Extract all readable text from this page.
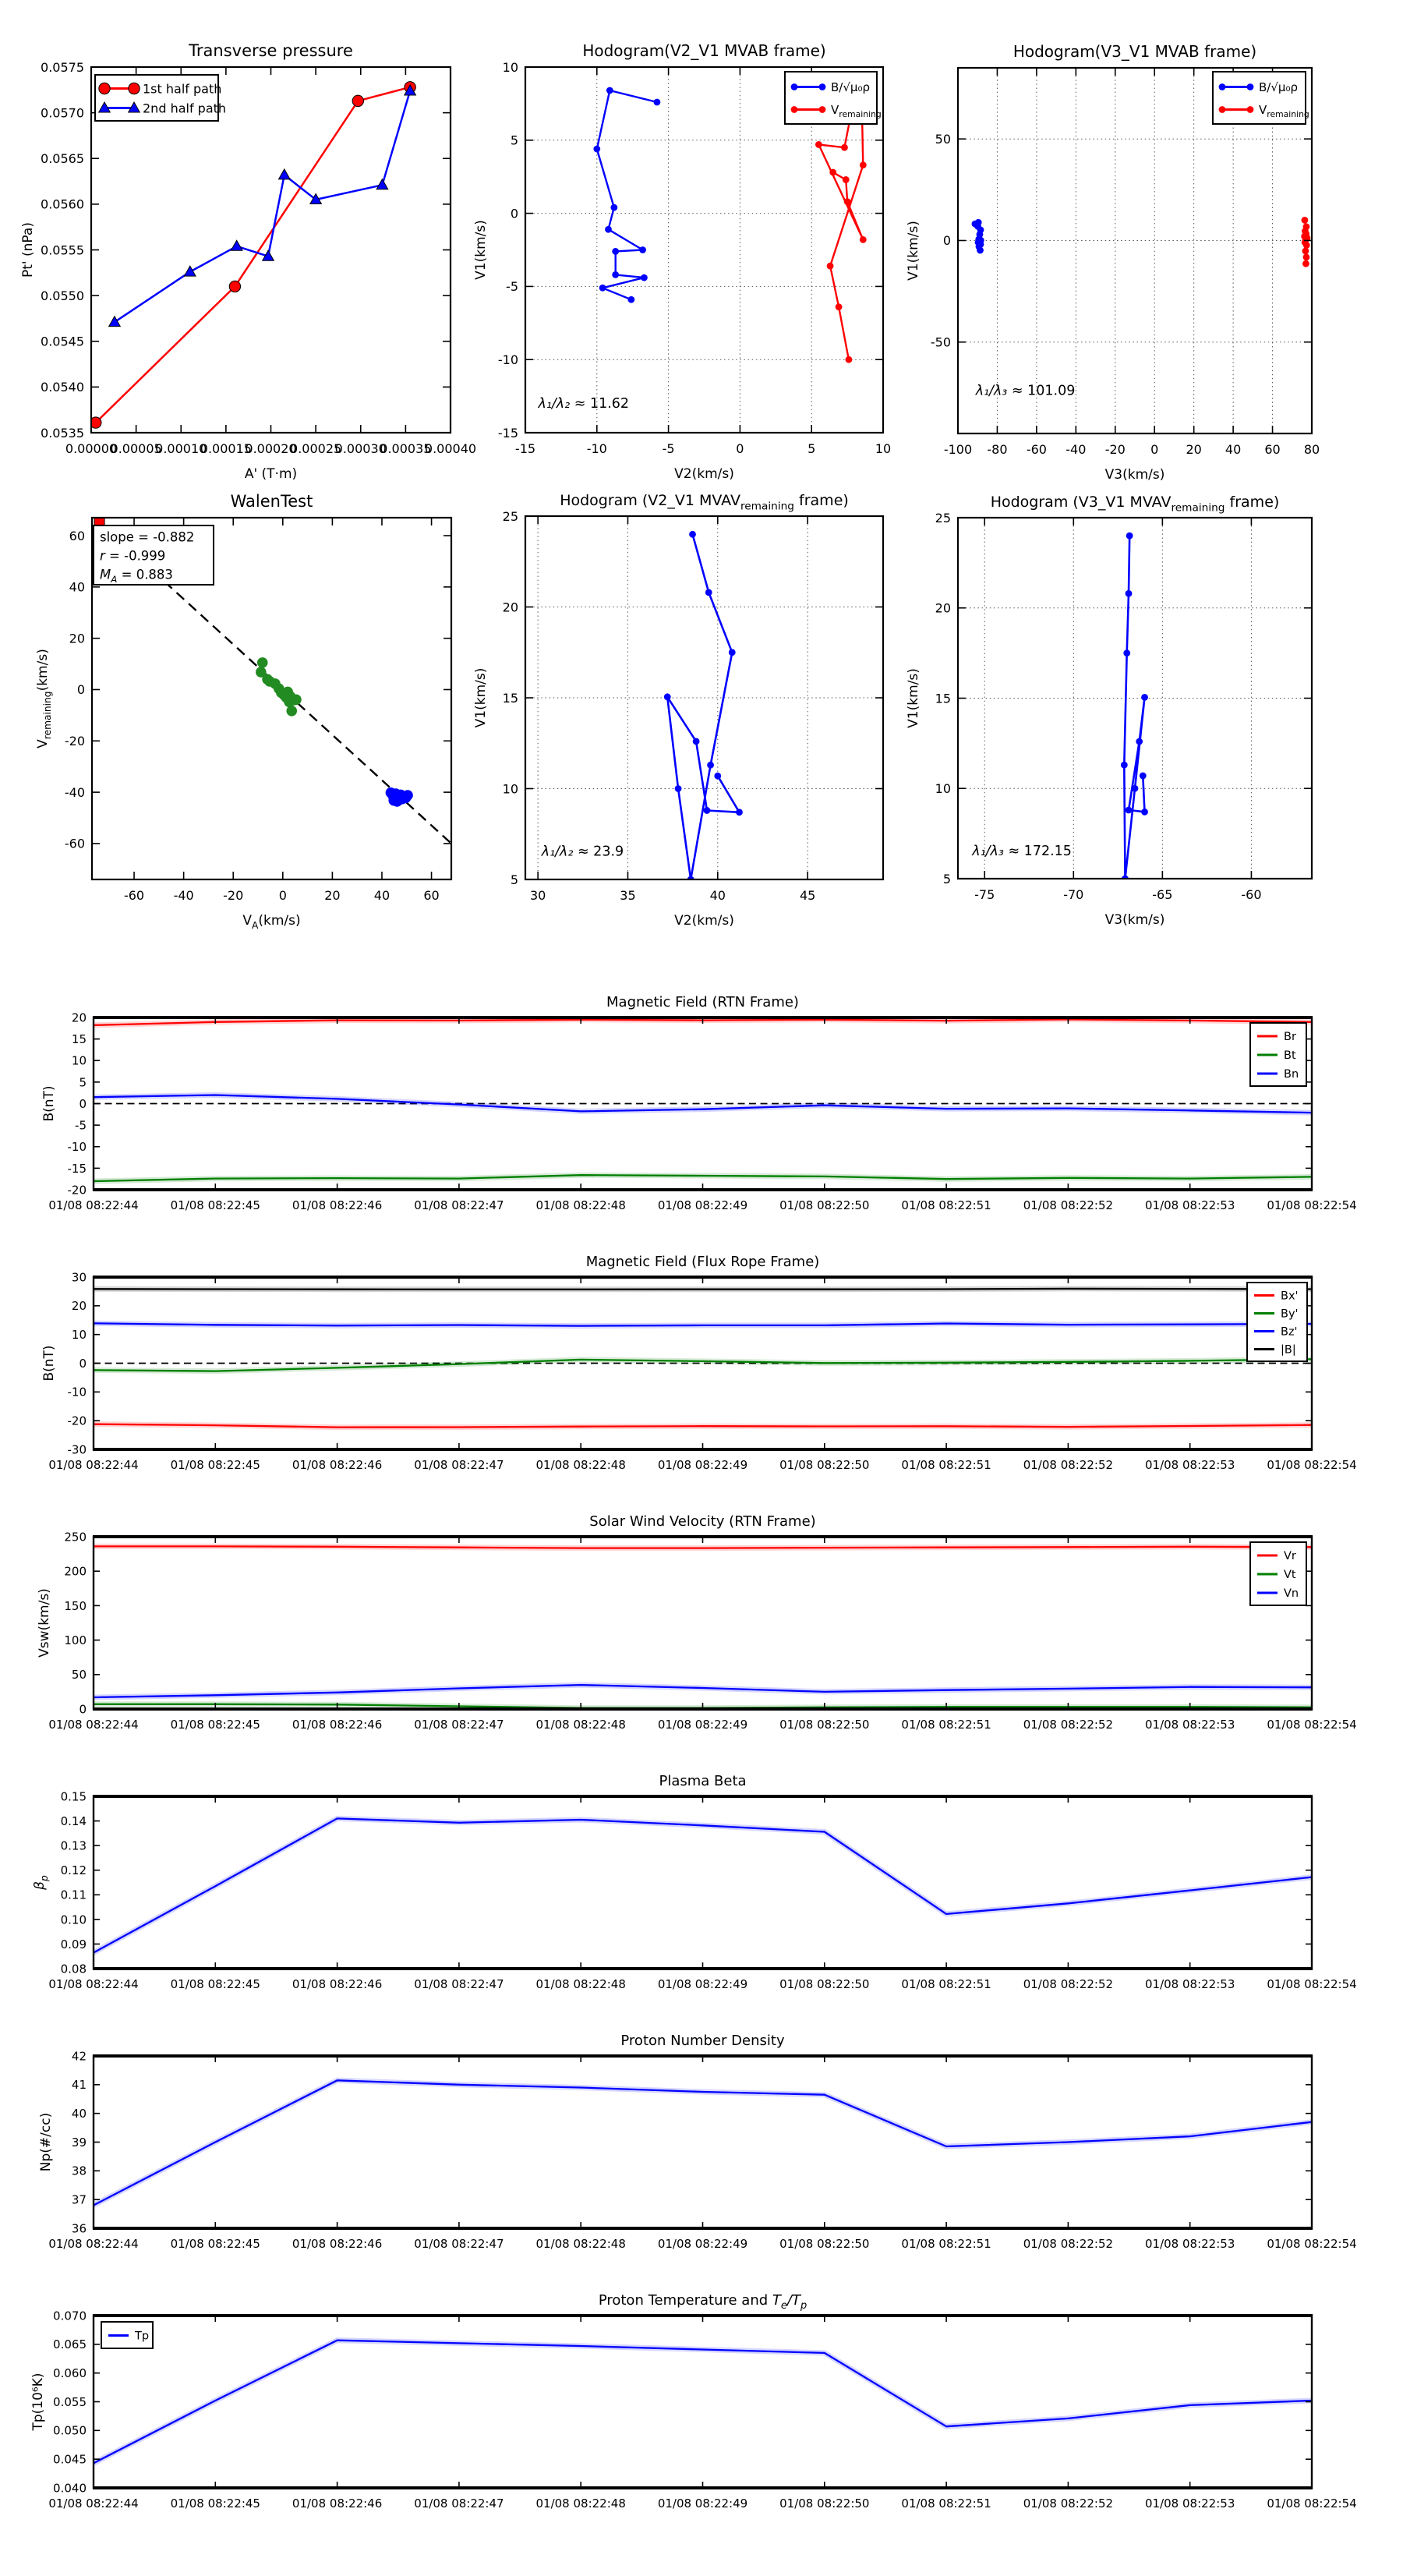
0.00000
0.00005
0.00010
0.00015
0.00020
0.00025
0.00030
0.00035
0.00040
0.0535
0.0540
0.0545
0.0550
0.0555
0.0560
0.0565
0.0570
0.0575
A' (T·m)
Pt' (nPa)
Transverse pressure
1st half path
2nd half path
-15	-10	-5	0	5	10
-15
-10
-5
0
5
10
V2(km/s)
V1(km/s)
Hodogram(V2_V1 MVAB frame)
λ₁/λ₂ ≈ 11.62
B/√μ₀ρ
$V_{remaining}$
-100 -80 -60 -40 -20 0 20 40 60 80
-50
0
50
V3(km/s)
V1(km/s)
Hodogram(V3_V1 MVAB frame)
λ₁/λ₃ ≈ 101.09
B/√μ₀ρ
$V_{remaining}$
-60 -40 -20	0	20	40	60
-60
-40
-20
0
20
40
60
$V_A(km/s)$
$V_{remaining}(km/s)$
WalenTest
slope = -0.882
r = -0.999
$M_A = 0.883$
30	35	40	45
5
10
15
20
25
V2(km/s)
V1(km/s)
Hodogram (V2_V1 $MVAV_{remaining}$ frame)
λ₁/λ₂ ≈ 23.9
-75	-70	-65	-60
5
10
15
20
25
V3(km/s)
V1(km/s)
Hodogram (V3_V1 $MVAV_{remaining}$ frame)
λ₁/λ₃ ≈ 172.15
01/08 08:22:44	01/08 08:22:45	01/08 08:22:46	01/08 08:22:47	01/08 08:22:48	01/08 08:22:49	01/08 08:22:50	01/08 08:22:51	01/08 08:22:52	01/08 08:22:53	01/08 08:22:54
-20
-15
-10
-5
0
5
10
15
20
B(nT)
Magnetic Field (RTN Frame)
Br
Bt
Bn
01/08 08:22:44	01/08 08:22:45	01/08 08:22:46	01/08 08:22:47	01/08 08:22:48	01/08 08:22:49	01/08 08:22:50	01/08 08:22:51	01/08 08:22:52	01/08 08:22:53	01/08 08:22:54
-30
-20
-10
0
10
20
30
B(nT)
Magnetic Field (Flux Rope Frame)
Bx'
By'
Bz'
|B|
01/08 08:22:44	01/08 08:22:45	01/08 08:22:46	01/08 08:22:47	01/08 08:22:48	01/08 08:22:49	01/08 08:22:50	01/08 08:22:51	01/08 08:22:52	01/08 08:22:53	01/08 08:22:54
0
50
100
150
200
250
Vsw(km/s)
Solar Wind Velocity (RTN Frame)
Vr
Vt
Vn
01/08 08:22:44	01/08 08:22:45	01/08 08:22:46	01/08 08:22:47	01/08 08:22:48	01/08 08:22:49	01/08 08:22:50	01/08 08:22:51	01/08 08:22:52	01/08 08:22:53	01/08 08:22:54
0.08
0.09
0.10
0.11
0.12
0.13
0.14
0.15
$\beta_p$
Plasma Beta
01/08 08:22:44	01/08 08:22:45	01/08 08:22:46	01/08 08:22:47	01/08 08:22:48	01/08 08:22:49	01/08 08:22:50	01/08 08:22:51	01/08 08:22:52	01/08 08:22:53	01/08 08:22:54
36
37
38
39
40
41
42
Np(#/cc)
Proton Number Density
01/08 08:22:44	01/08 08:22:45	01/08 08:22:46	01/08 08:22:47	01/08 08:22:48	01/08 08:22:49	01/08 08:22:50	01/08 08:22:51	01/08 08:22:52	01/08 08:22:53	01/08 08:22:54
0.040
0.045
0.050
0.055
0.060
0.065
0.070
Tp(10⁶K)
Proton Temperature and $T_e/T_p$
Tp
